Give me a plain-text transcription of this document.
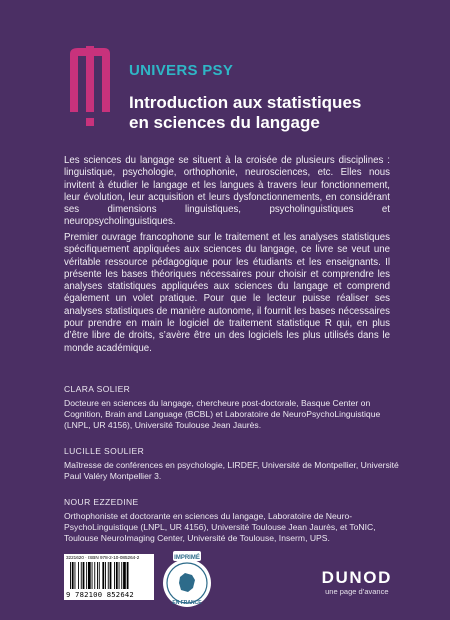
UNIVERS PSY
Introduction aux statistiques
en sciences du langage
Les sciences du langage se situent à la croisée de plusieurs disciplines : linguistique, psychologie, orthophonie, neurosciences, etc. Elles nous invitent à étudier le langage et les langues à travers leur fonctionnement, leur évolution, leur acquisition et leurs dysfonctionnements, en considérant ses dimensions linguistiques, psycholinguistiques et neuropsycholinguistiques.
Premier ouvrage francophone sur le traitement et les analyses statistiques spécifiquement appliquées aux sciences du langage, ce livre se veut une véritable ressource pédagogique pour les étudiants et les enseignants. Il présente les bases théoriques nécessaires pour choisir et comprendre les analyses statistiques appliquées aux sciences du langage et comprend également un volet pratique. Pour que le lecteur puisse réaliser ses analyses statistiques de manière autonome, il fournit les bases nécessaires pour prendre en main le logiciel de traitement statistique R qui, en plus d’être libre de droits, s’avère être un des logiciels les plus utilisés dans le monde académique.
CLARA SOLIER
Docteure en sciences du langage, chercheure post-doctorale, Basque Center on Cognition, Brain and Language (BCBL) et Laboratoire de NeuroPsychoLinguistique (LNPL, UR 4156), Université Toulouse Jean Jaurès.
LUCILLE SOULIER
Maîtresse de conférences en psychologie, LIRDEF, Université de Montpellier, Université Paul Valéry Montpellier 3.
NOUR EZZEDINE
Orthophoniste et doctorante en sciences du langage, Laboratoire de Neuro-PsychoLinguistique (LNPL, UR 4156), Université Toulouse Jean Jaurès, et ToNIC, Toulouse NeuroImaging Center, Université de Toulouse, Inserm, UPS.
3221620 · ISBN 978-2-10-085264-2
9 782100 852642
IMPRIMÉ
EN FRANCE
DUNOD
une page d’avance
